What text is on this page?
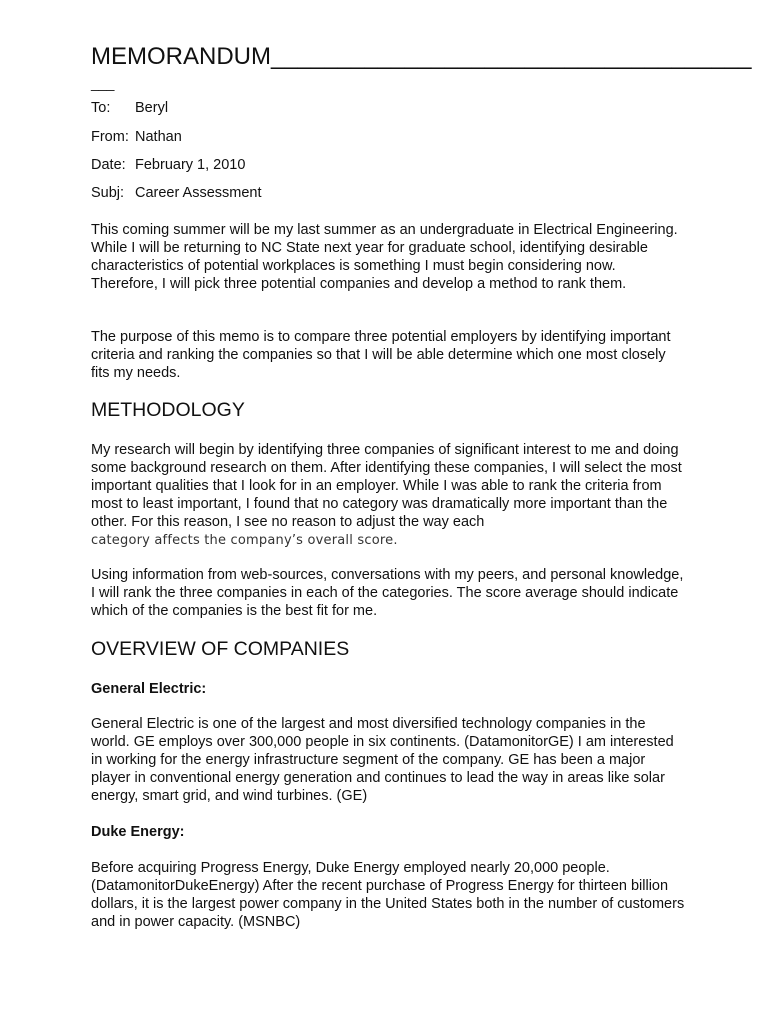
MEMORANDUM____________________________________
___
To: Beryl
From: Nathan
Date: February 1, 2010
Subj: Career Assessment

This coming summer will be my last summer as an undergraduate in Electrical Engineering. While I will be returning to NC State next year for graduate school, identifying desirable characteristics of potential workplaces is something I must begin considering now. Therefore, I will pick three potential companies and develop a method to rank them.

The purpose of this memo is to compare three potential employers by identifying important criteria and ranking the companies so that I will be able determine which one most closely fits my needs.

METHODOLOGY

My research will begin by identifying three companies of significant interest to me and doing some background research on them. After identifying these companies, I will select the most important qualities that I look for in an employer. While I was able to rank the criteria from most to least important, I found that no category was dramatically more important than the other. For this reason, I see no reason to adjust the way each
category affects the company’s overall score.

Using information from web-sources, conversations with my peers, and personal knowledge, I will rank the three companies in each of the categories. The score average should indicate which of the companies is the best fit for me.

OVERVIEW OF COMPANIES
General Electric:

General Electric is one of the largest and most diversified technology companies in the world. GE employs over 300,000 people in six continents. (DatamonitorGE) I am interested in working for the energy infrastructure segment of the company. GE has been a major player in conventional energy generation and continues to lead the way in areas like solar energy, smart grid, and wind turbines. (GE)

Duke Energy:

Before acquiring Progress Energy, Duke Energy employed nearly 20,000 people. (DatamonitorDukeEnergy) After the recent purchase of Progress Energy for thirteen billion dollars, it is the largest power company in the United States both in the number of customers and in power capacity. (MSNBC)
